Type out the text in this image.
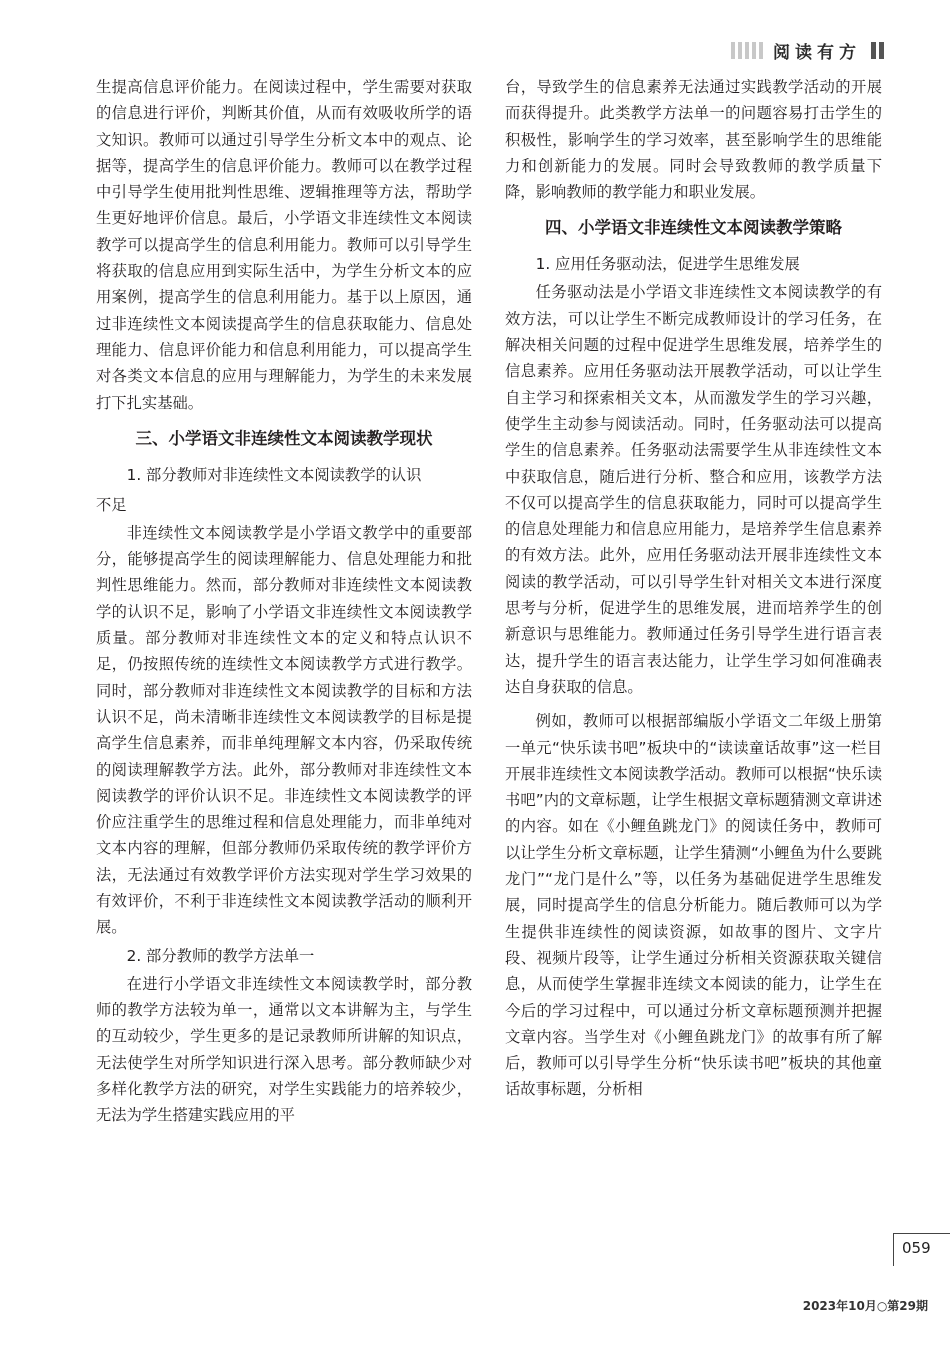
阅读有方

生提高信息评价能力。在阅读过程中，学生需要对获取的信息进行评价，判断其价值，从而有效吸收所学的语文知识。教师可以通过引导学生分析文本中的观点、论据等，提高学生的信息评价能力。教师可以在教学过程中引导学生使用批判性思维、逻辑推理等方法，帮助学生更好地评价信息。最后，小学语文非连续性文本阅读教学可以提高学生的信息利用能力。教师可以引导学生将获取的信息应用到实际生活中，为学生分析文本的应用案例，提高学生的信息利用能力。基于以上原因，通过非连续性文本阅读提高学生的信息获取能力、信息处理能力、信息评价能力和信息利用能力，可以提高学生对各类文本信息的应用与理解能力，为学生的未来发展打下扎实基础。

三、小学语文非连续性文本阅读教学现状

1. 部分教师对非连续性文本阅读教学的认识

不足

非连续性文本阅读教学是小学语文教学中的重要部分，能够提高学生的阅读理解能力、信息处理能力和批判性思维能力。然而，部分教师对非连续性文本阅读教学的认识不足，影响了小学语文非连续性文本阅读教学质量。部分教师对非连续性文本的定义和特点认识不足，仍按照传统的连续性文本阅读教学方式进行教学。同时，部分教师对非连续性文本阅读教学的目标和方法认识不足，尚未清晰非连续性文本阅读教学的目标是提高学生信息素养，而非单纯理解文本内容，仍采取传统的阅读理解教学方法。此外，部分教师对非连续性文本阅读教学的评价认识不足。非连续性文本阅读教学的评价应注重学生的思维过程和信息处理能力，而非单纯对文本内容的理解，但部分教师仍采取传统的教学评价方法，无法通过有效教学评价方法实现对学生学习效果的有效评价，不利于非连续性文本阅读教学活动的顺利开展。

2. 部分教师的教学方法单一

在进行小学语文非连续性文本阅读教学时，部分教师的教学方法较为单一，通常以文本讲解为主，与学生的互动较少，学生更多的是记录教师所讲解的知识点，无法使学生对所学知识进行深入思考。部分教师缺少对多样化教学方法的研究，对学生实践能力的培养较少，无法为学生搭建实践应用的平

台，导致学生的信息素养无法通过实践教学活动的开展而获得提升。此类教学方法单一的问题容易打击学生的积极性，影响学生的学习效率，甚至影响学生的思维能力和创新能力的发展。同时会导致教师的教学质量下降，影响教师的教学能力和职业发展。

四、小学语文非连续性文本阅读教学策略

1. 应用任务驱动法，促进学生思维发展

任务驱动法是小学语文非连续性文本阅读教学的有效方法，可以让学生不断完成教师设计的学习任务，在解决相关问题的过程中促进学生思维发展，培养学生的信息素养。应用任务驱动法开展教学活动，可以让学生自主学习和探索相关文本，从而激发学生的学习兴趣，使学生主动参与阅读活动。同时，任务驱动法可以提高学生的信息素养。任务驱动法需要学生从非连续性文本中获取信息，随后进行分析、整合和应用，该教学方法不仅可以提高学生的信息获取能力，同时可以提高学生的信息处理能力和信息应用能力，是培养学生信息素养的有效方法。此外，应用任务驱动法开展非连续性文本阅读的教学活动，可以引导学生针对相关文本进行深度思考与分析，促进学生的思维发展，进而培养学生的创新意识与思维能力。教师通过任务引导学生进行语言表达，提升学生的语言表达能力，让学生学习如何准确表达自身获取的信息。

例如，教师可以根据部编版小学语文二年级上册第一单元“快乐读书吧”板块中的“读读童话故事”这一栏目开展非连续性文本阅读教学活动。教师可以根据“快乐读书吧”内的文章标题，让学生根据文章标题猜测文章讲述的内容。如在《小鲤鱼跳龙门》的阅读任务中，教师可以让学生分析文章标题，让学生猜测“小鲤鱼为什么要跳龙门”“龙门是什么”等，以任务为基础促进学生思维发展，同时提高学生的信息分析能力。随后教师可以为学生提供非连续性的阅读资源，如故事的图片、文字片段、视频片段等，让学生通过分析相关资源获取关键信息，从而使学生掌握非连续文本阅读的能力，让学生在今后的学习过程中，可以通过分析文章标题预测并把握文章内容。当学生对《小鲤鱼跳龙门》的故事有所了解后，教师可以引导学生分析“快乐读书吧”板块的其他童话故事标题，分析相

059
2023年10月○第29期
